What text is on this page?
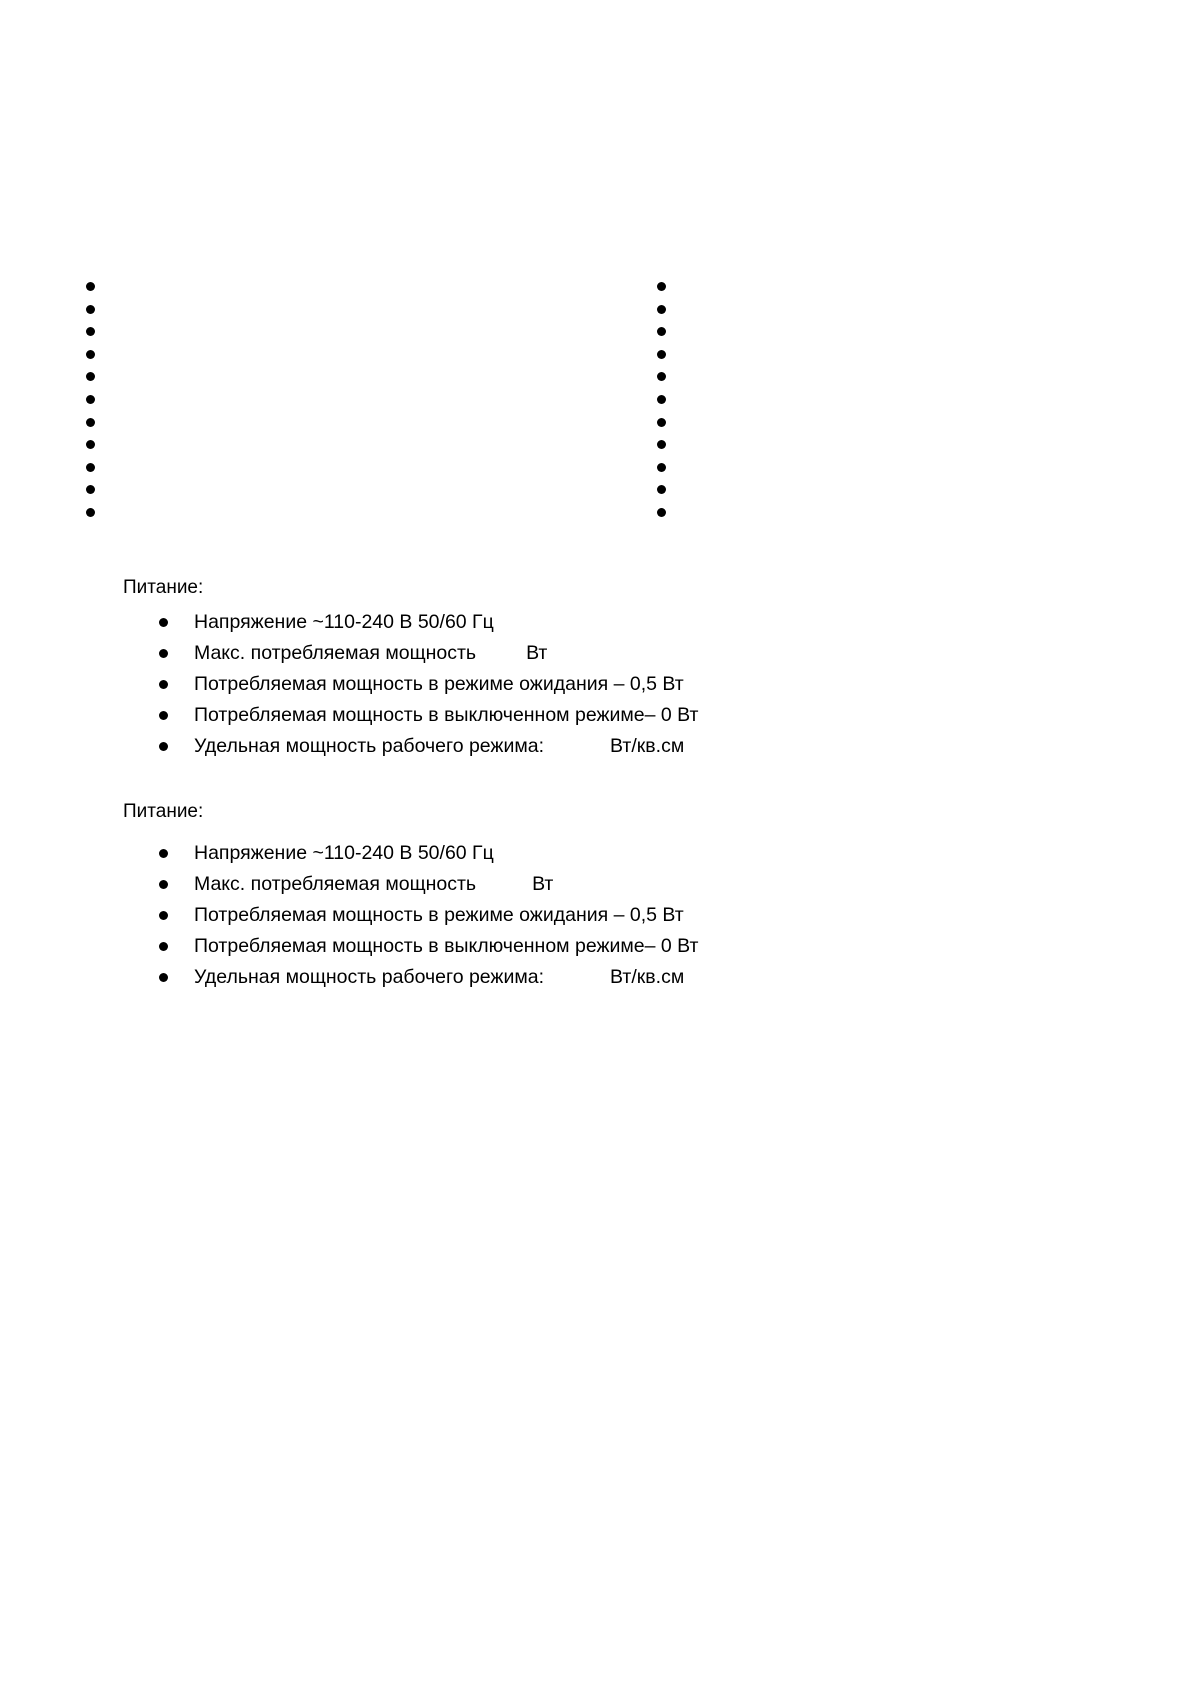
Питание:
Напряжение ~110-240 В 50/60 Гц
Макс. потребляемая мощность	Вт
Потребляемая мощность в режиме ожидания – 0,5 Вт
Потребляемая мощность в выключенном режиме– 0 Вт
Удельная мощность рабочего режима:	Вт/кв.см
Питание:
Напряжение ~110-240 В 50/60 Гц
Макс. потребляемая мощность	Вт
Потребляемая мощность в режиме ожидания – 0,5 Вт
Потребляемая мощность в выключенном режиме– 0 Вт
Удельная мощность рабочего режима:	Вт/кв.см
